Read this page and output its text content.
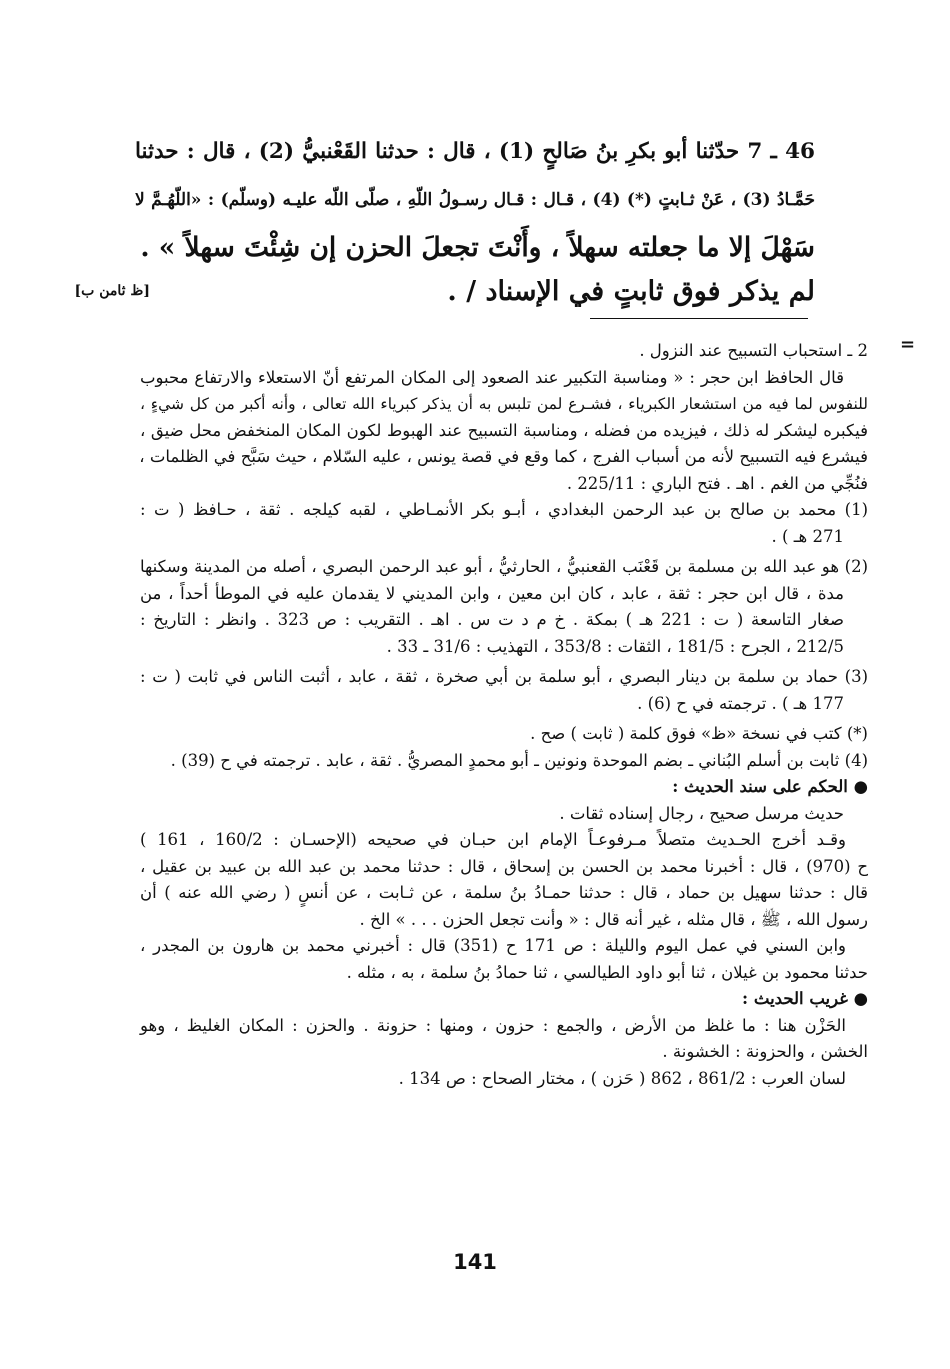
46 ـ 7 حدّثنا أبو بكرِ بنُ صَالحٍ (1) ، قال : حدثنا القَعْنبيُّ (2) ، قال : حدثنا
حَمَّـادُ (3) ، عَنْ ثـابتٍ (*) (4) ، قـال : قـال رسـولُ اللّهِ ، صلّى اللّه عليـه (وسلّم) : «اللّهُـمَّ لا
سَهْلَ إلا ما جعلته سهلاً ، وأَنْتَ تجعلَ الحزن إن شِئْتَ سهلاً » .
لم يذكر فوق ثابتٍ في الإسناد / .
[ظ ثامن ب]
=
2 ـ استحباب التسبيح عند النزول .
قال الحافظ ابن حجر : « ومناسبة التكبير عند الصعود إلى المكان المرتفع أنّ الاستعلاء والارتفاع محبوب
للنفوس لما فيه من استشعار الكبرياء ، فشـرع لمن تلبس به أن يذكر كبرياء الله تعالى ، وأنه أكبر من كل شيءٍ ،
فيكبره ليشكر له ذلك ، فيزيده من فضله ، ومناسبة التسبيح عند الهبوط لكون المكان المنخفض محل ضيق ،
فيشرع فيه التسبيح لأنه من أسباب الفرج ، كما وقع في قصة يونس ، عليه السّلام ، حيث سَبَّح في الظلمات ،
فنُجِّي من الغم . اهـ . فتح الباري : 225/11 .
(1) محمد بن صالح بن عبد الرحمن البغدادي ، أبـو بكر الأنمـاطي ، لقبه كيلجه . ثقة ، حـافظ ( ت :
271 هـ ) .
(2) هو عبد الله بن مسلمة بن قَعْنَب القعنبيُّ ، الحارثيُّ ، أبو عبد الرحمن البصري ، أصله من المدينة وسكنها
مدة ، قال ابن حجر : ثقة ، عابد ، كان ابن معين ، وابن المديني لا يقدمان عليه في الموطأ أحداً ، من
صغار التاسعة ( ت : 221 هـ ) بمكة . خ م د ت س . اهـ . التقريب : ص 323 . وانظر : التاريخ :
212/5 ، الجرح : 181/5 ، الثقات : 353/8 ، التهذيب : 31/6 ـ 33 .
(3) حماد بن سلمة بن دينار البصري ، أبو سلمة بن أبي صخرة ، ثقة ، عابد ، أثبت الناس في ثابت ( ت :
177 هـ ) . ترجمته في ح (6) .
(*) كتب في نسخة «ظ» فوق كلمة ( ثابت ) صح .
(4) ثابت بن أسلم البُناني ـ بضم الموحدة ونونين ـ أبو محمدٍ المصريُّ . ثقة ، عابد . ترجمته في ح (39) .
● الحكم على سند الحديث :
حديث مرسل صحيح ، رجال إسناده ثقات .
وقـد أخرج الحـديث متصلاً مـرفوعـاً الإمام ابن حبـان في صحيحه (الإحسـان : 160/2 ، 161 )
ح (970) ، قال : أخبرنا محمد بن الحسن بن إسحاق ، قال : حدثنا محمد بن عبد الله بن عبيد بن عقيل ،
قال : حدثنا سهيل بن حماد ، قال : حدثنا حمـادُ بنُ سلمة ، عن ثـابت ، عن أنسٍ ( رضي الله عنه ) أن
رسول الله ، ﷺ ، قال مثله ، غير أنه قال : « وأنت تجعل الحزن . . . » الخ .
وابن السني في عمل اليوم والليلة : ص 171 ح (351) قال : أخبرني محمد بن هارون بن المجدر ،
حدثنا محمود بن غيلان ، ثنا أبو داود الطيالسي ، ثنا حمادُ بنُ سلمة ، به ، مثله .
● غريب الحديث :
الحَزْن هنا : ما غلظ من الأرض ، والجمع : حزون ، ومنها : حزونة . والحزن : المكان الغليظ ، وهو
الخشن ، والحزونة : الخشونة .
لسان العرب : 861/2 ، 862 ( حَزن ) ، مختار الصحاح : ص 134 .
141
